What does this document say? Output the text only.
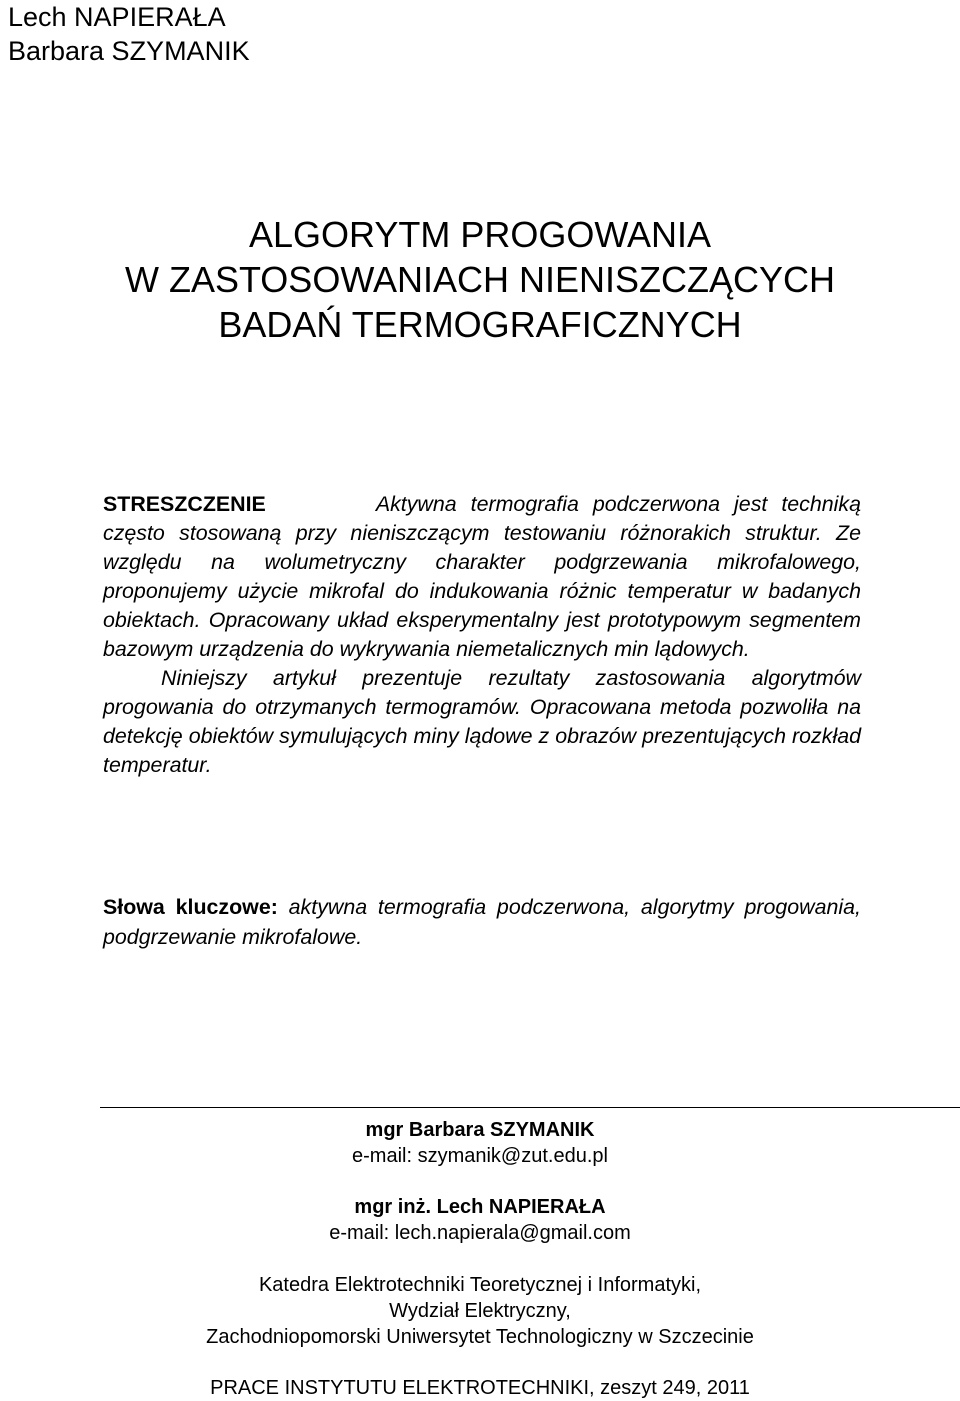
Lech NAPIERAŁA
Barbara SZYMANIK
ALGORYTM PROGOWANIA
W ZASTOSOWANIACH NIENISZCZĄCYCH
BADAŃ TERMOGRAFICZNYCH

STRESZCZENIE	Aktywna termografia podczerwona jest techniką często stosowaną przy nieniszczącym testowaniu różnorakich struktur. Ze względu na wolumetryczny charakter podgrzewania mikrofalowego, proponujemy użycie mikrofal do indukowania różnic temperatur w badanych obiektach. Opracowany układ eksperymentalny jest prototypowym segmentem bazowym urządzenia do wykrywania niemetalicznych min lądowych.

Niniejszy artykuł prezentuje rezultaty zastosowania algorytmów progowania do otrzymanych termogramów. Opracowana metoda pozwoliła na detekcję obiektów symulujących miny lądowe z obrazów prezentujących rozkład temperatur.

Słowa kluczowe: aktywna termografia podczerwona, algorytmy progowania, podgrzewanie mikrofalowe.
mgr Barbara SZYMANIK
e-mail: szymanik@zut.edu.pl
mgr inż. Lech NAPIERAŁA
e-mail: lech.napierala@gmail.com
Katedra Elektrotechniki Teoretycznej i Informatyki,
Wydział Elektryczny,
Zachodniopomorski Uniwersytet Technologiczny w Szczecinie
PRACE INSTYTUTU ELEKTROTECHNIKI, zeszyt 249, 2011
